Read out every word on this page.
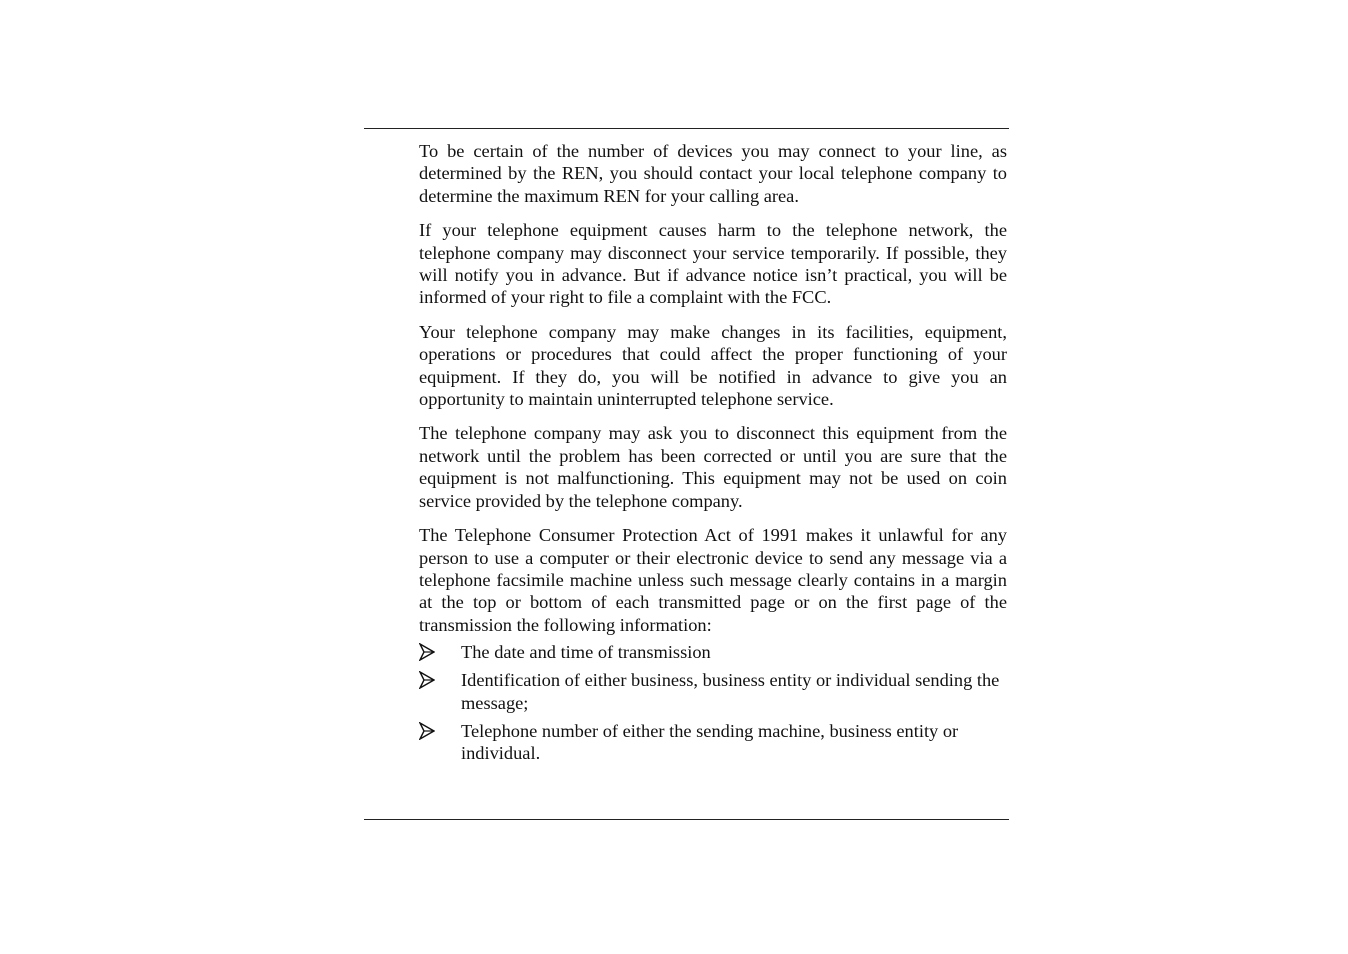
To be certain of the number of devices you may connect to your line, as determined by the REN, you should contact your local telephone company to determine the maximum REN for your calling area.

If your telephone equipment causes harm to the telephone network, the telephone company may disconnect your service temporarily. If possible, they will notify you in advance. But if advance notice isn’t practical, you will be informed of your right to file a complaint with the FCC.

Your telephone company may make changes in its facilities, equipment, operations or procedures that could affect the proper functioning of your equipment. If they do, you will be notified in advance to give you an opportunity to maintain uninterrupted telephone service.

The telephone company may ask you to disconnect this equipment from the network until the problem has been corrected or until you are sure that the equipment is not malfunctioning. This equipment may not be used on coin service provided by the telephone company.

The Telephone Consumer Protection Act of 1991 makes it unlawful for any person to use a computer or their electronic device to send any message via a telephone facsimile machine unless such message clearly contains in a margin at the top or bottom of each transmitted page or on the first page of the transmission the following information:

The date and time of transmission
Identification of either business, business entity or individual sending the message;
Telephone number of either the sending machine, business entity or individual.
